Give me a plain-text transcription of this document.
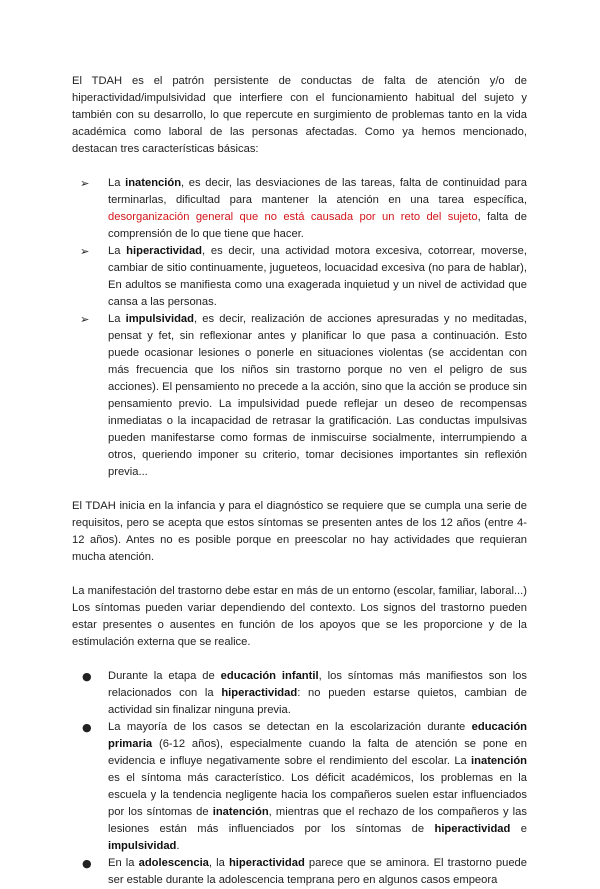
El TDAH es el patrón persistente de conductas de falta de atención y/o de hiperactividad/impulsividad que interfiere con el funcionamiento habitual del sujeto y también con su desarrollo, lo que repercute en surgimiento de problemas tanto en la vida académica como laboral de las personas afectadas. Como ya hemos mencionado, destacan tres características básicas:

➢	La inatención, es decir, las desviaciones de las tareas, falta de continuidad para terminarlas, dificultad para mantener la atención en una tarea específica, desorganización general que no está causada por un reto del sujeto, falta de comprensión de lo que tiene que hacer.
➢	La hiperactividad, es decir, una actividad motora excesiva, cotorrear, moverse, cambiar de sitio continuamente, jugueteos, locuacidad excesiva (no para de hablar), En adultos se manifiesta como una exagerada inquietud y un nivel de actividad que cansa a las personas.
➢	La impulsividad, es decir, realización de acciones apresuradas y no meditadas, pensat y fet, sin reflexionar antes y planificar lo que pasa a continuación. Esto puede ocasionar lesiones o ponerle en situaciones violentas (se accidentan con más frecuencia que los niños sin trastorno porque no ven el peligro de sus acciones). El pensamiento no precede a la acción, sino que la acción se produce sin pensamiento previo. La impulsividad puede reflejar un deseo de recompensas inmediatas o la incapacidad de retrasar la gratificación. Las conductas impulsivas pueden manifestarse como formas de inmiscuirse socialmente, interrumpiendo a otros, queriendo imponer su criterio, tomar decisiones importantes sin reflexión previa...

El TDAH inicia en la infancia y para el diagnóstico se requiere que se cumpla una serie de requisitos, pero se acepta que estos síntomas se presenten antes de los 12 años (entre 4-12 años). Antes no es posible porque en preescolar no hay actividades que requieran mucha atención.

La manifestación del trastorno debe estar en más de un entorno (escolar, familiar, laboral...) Los síntomas pueden variar dependiendo del contexto. Los signos del trastorno pueden estar presentes o ausentes en función de los apoyos que se les proporcione y de la estimulación externa que se realice.

●	Durante la etapa de educación infantil, los síntomas más manifiestos son los relacionados con la hiperactividad: no pueden estarse quietos, cambian de actividad sin finalizar ninguna previa.
●	La mayoría de los casos se detectan en la escolarización durante educación primaria (6-12 años), especialmente cuando la falta de atención se pone en evidencia e influye negativamente sobre el rendimiento del escolar. La inatención es el síntoma más característico. Los déficit académicos, los problemas en la escuela y la tendencia negligente hacia los compañeros suelen estar influenciados por los síntomas de inatención, mientras que el rechazo de los compañeros y las lesiones están más influenciados por los síntomas de hiperactividad e impulsividad.
●	En la adolescencia, la hiperactividad parece que se aminora. El trastorno puede ser estable durante la adolescencia temprana pero en algunos casos empeora
